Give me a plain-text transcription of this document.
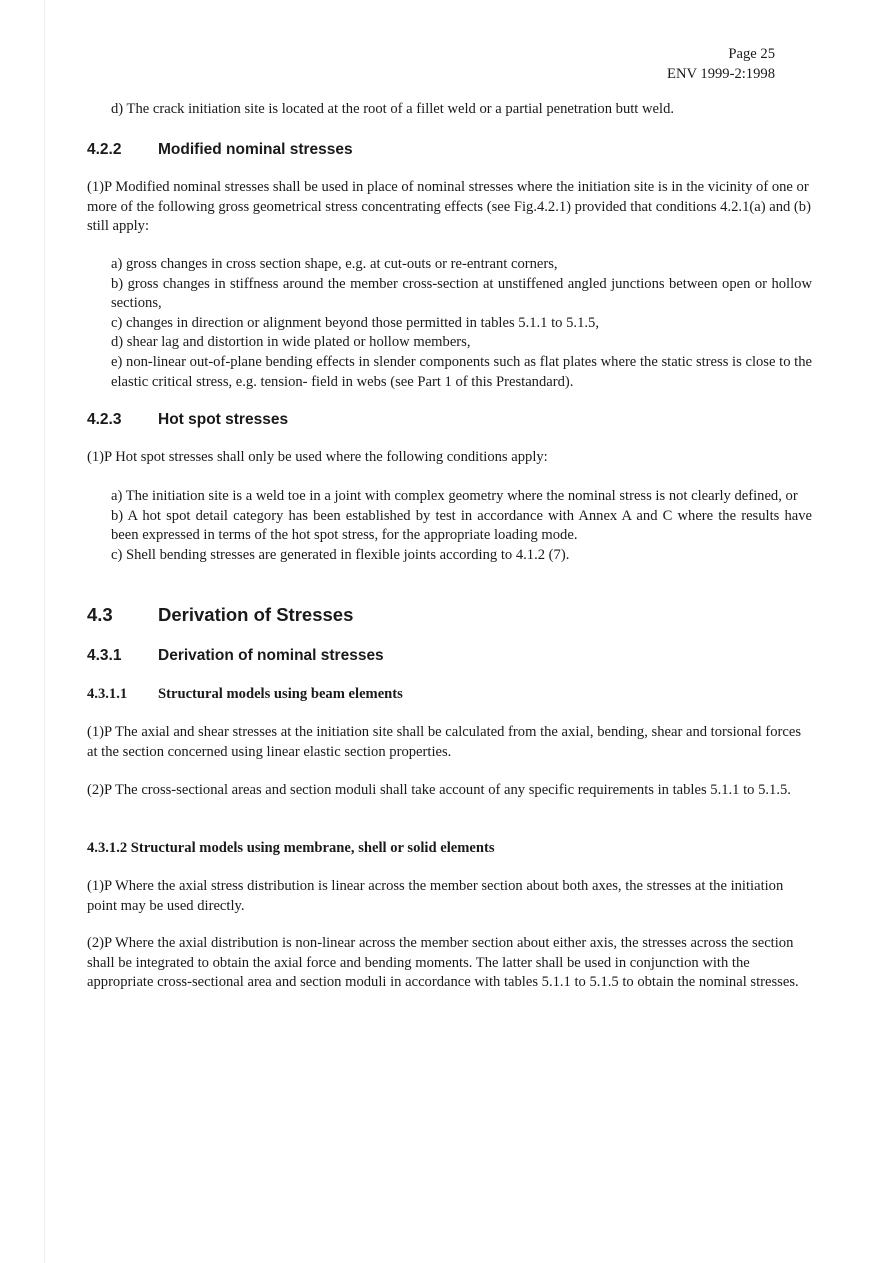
Page 25
ENV 1999-2:1998
d) The crack initiation site is located at the root of a fillet weld or a partial penetration butt weld.
4.2.2 Modified nominal stresses
(1)P Modified nominal stresses shall be used in place of nominal stresses where the initiation site is in the vicinity of one or more of the following gross geometrical stress concentrating effects (see Fig.4.2.1) provided that conditions 4.2.1(a) and (b) still apply:
a) gross changes in cross section shape, e.g. at cut-outs or re-entrant corners,
b) gross changes in stiffness around the member cross-section at unstiffened angled junctions between open or hollow sections,
c) changes in direction or alignment beyond those permitted in tables 5.1.1 to 5.1.5,
d) shear lag and distortion in wide plated or hollow members,
e) non-linear out-of-plane bending effects in slender components such as flat plates where the static stress is close to the elastic critical stress, e.g. tension- field in webs (see Part 1 of this Prestandard).
4.2.3 Hot spot stresses
(1)P Hot spot stresses shall only be used where the following conditions apply:
a) The initiation site is a weld toe in a joint with complex geometry where the nominal stress is not clearly defined, or
b) A hot spot detail category has been established by test in accordance with Annex A and C where the results have been expressed in terms of the hot spot stress, for the appropriate loading mode.
c) Shell bending stresses are generated in flexible joints according to 4.1.2 (7).
4.3 Derivation of Stresses
4.3.1 Derivation of nominal stresses
4.3.1.1 Structural models using beam elements
(1)P The axial and shear stresses at the initiation site shall be calculated from the axial, bending, shear and torsional forces at the section concerned using linear elastic section properties.
(2)P The cross-sectional areas and section moduli shall take account of any specific requirements in tables 5.1.1 to 5.1.5.
4.3.1.2 Structural models using membrane, shell or solid elements
(1)P Where the axial stress distribution is linear across the member section about both axes, the stresses at the initiation point may be used directly.
(2)P Where the axial distribution is non-linear across the member section about either axis, the stresses across the section shall be integrated to obtain the axial force and bending moments. The latter shall be used in conjunction with the appropriate cross-sectional area and section moduli in accordance with tables 5.1.1 to 5.1.5 to obtain the nominal stresses.
